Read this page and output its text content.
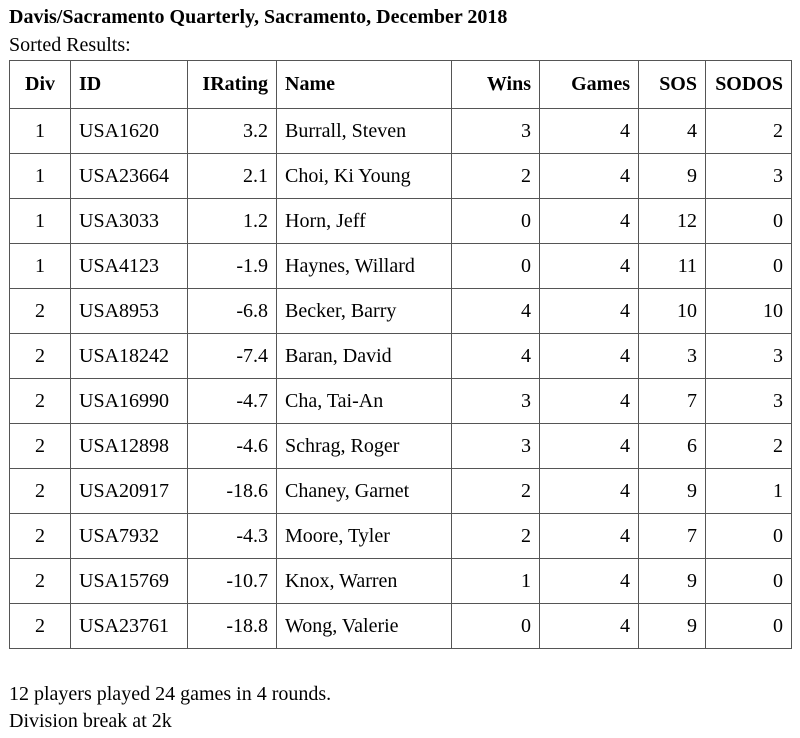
Davis/Sacramento Quarterly, Sacramento, December 2018
Sorted Results:
Div	ID	IRating	Name	Wins	Games	SOS	SODOS
1	USA1620	3.2	Burrall, Steven	3	4	4	2
1	USA23664	2.1	Choi, Ki Young	2	4	9	3
1	USA3033	1.2	Horn, Jeff	0	4	12	0
1	USA4123	-1.9	Haynes, Willard	0	4	11	0
2	USA8953	-6.8	Becker, Barry	4	4	10	10
2	USA18242	-7.4	Baran, David	4	4	3	3
2	USA16990	-4.7	Cha, Tai-An	3	4	7	3
2	USA12898	-4.6	Schrag, Roger	3	4	6	2
2	USA20917	-18.6	Chaney, Garnet	2	4	9	1
2	USA7932	-4.3	Moore, Tyler	2	4	7	0
2	USA15769	-10.7	Knox, Warren	1	4	9	0
2	USA23761	-18.8	Wong, Valerie	0	4	9	0
12 players played 24 games in 4 rounds.
Division break at 2k
